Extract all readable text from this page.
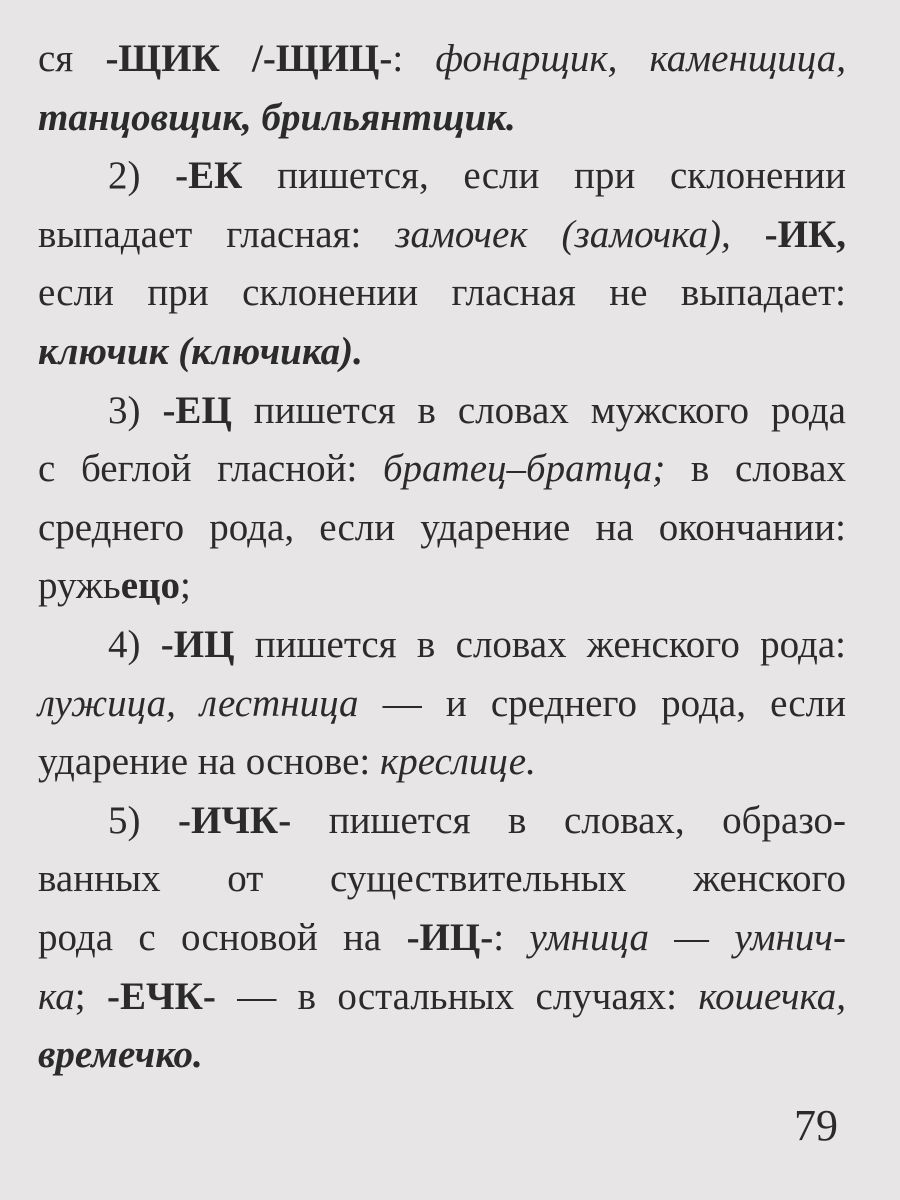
ся -ЩИК /-ЩИЦ-: фонарщик, каменщица,
танцовщик, брильянтщик.
2) -ЕК пишется, если при склонении
выпадает гласная: замочек (замочка), -ИК,
если при склонении гласная не выпадает:
ключик (ключика).
3) -ЕЦ пишется в словах мужского рода
с беглой гласной: братец–братца; в словах
среднего рода, если ударение на окончании:
ружьецо;
4) -ИЦ пишется в словах женского рода:
лужица, лестница — и среднего рода, если
ударение на основе: креслице.
5) -ИЧК- пишется в словах, образо-
ванных от существительных женского
рода с основой на -ИЦ-: умница — умнич-
ка; -ЕЧК- — в остальных случаях: кошечка,
времечко.
79
